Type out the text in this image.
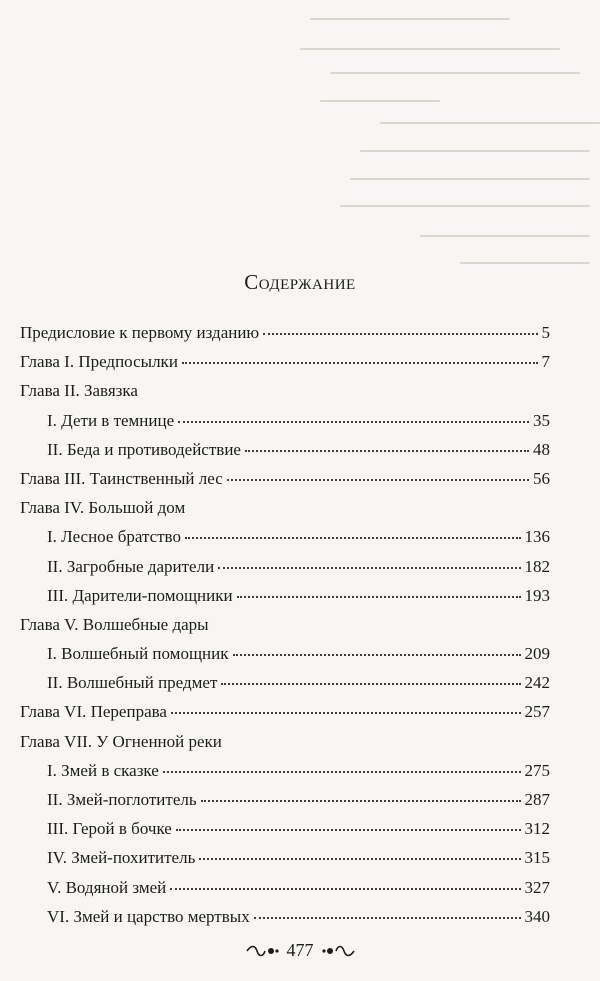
Содержание
Предисловие к первому изданию	5
Глава I. Предпосылки	7
Глава II. Завязка
I. Дети в темнице	35
II. Беда и противодействие	48
Глава III. Таинственный лес	56
Глава IV. Большой дом
I. Лесное братство	136
II. Загробные дарители	182
III. Дарители-помощники	193
Глава V. Волшебные дары
I. Волшебный помощник	209
II. Волшебный предмет	242
Глава VI. Переправа	257
Глава VII. У Огненной реки
I. Змей в сказке	275
II. Змей-поглотитель	287
III. Герой в бочке	312
IV. Змей-похититель	315
V. Водяной змей	327
VI. Змей и царство мертвых	340
477
